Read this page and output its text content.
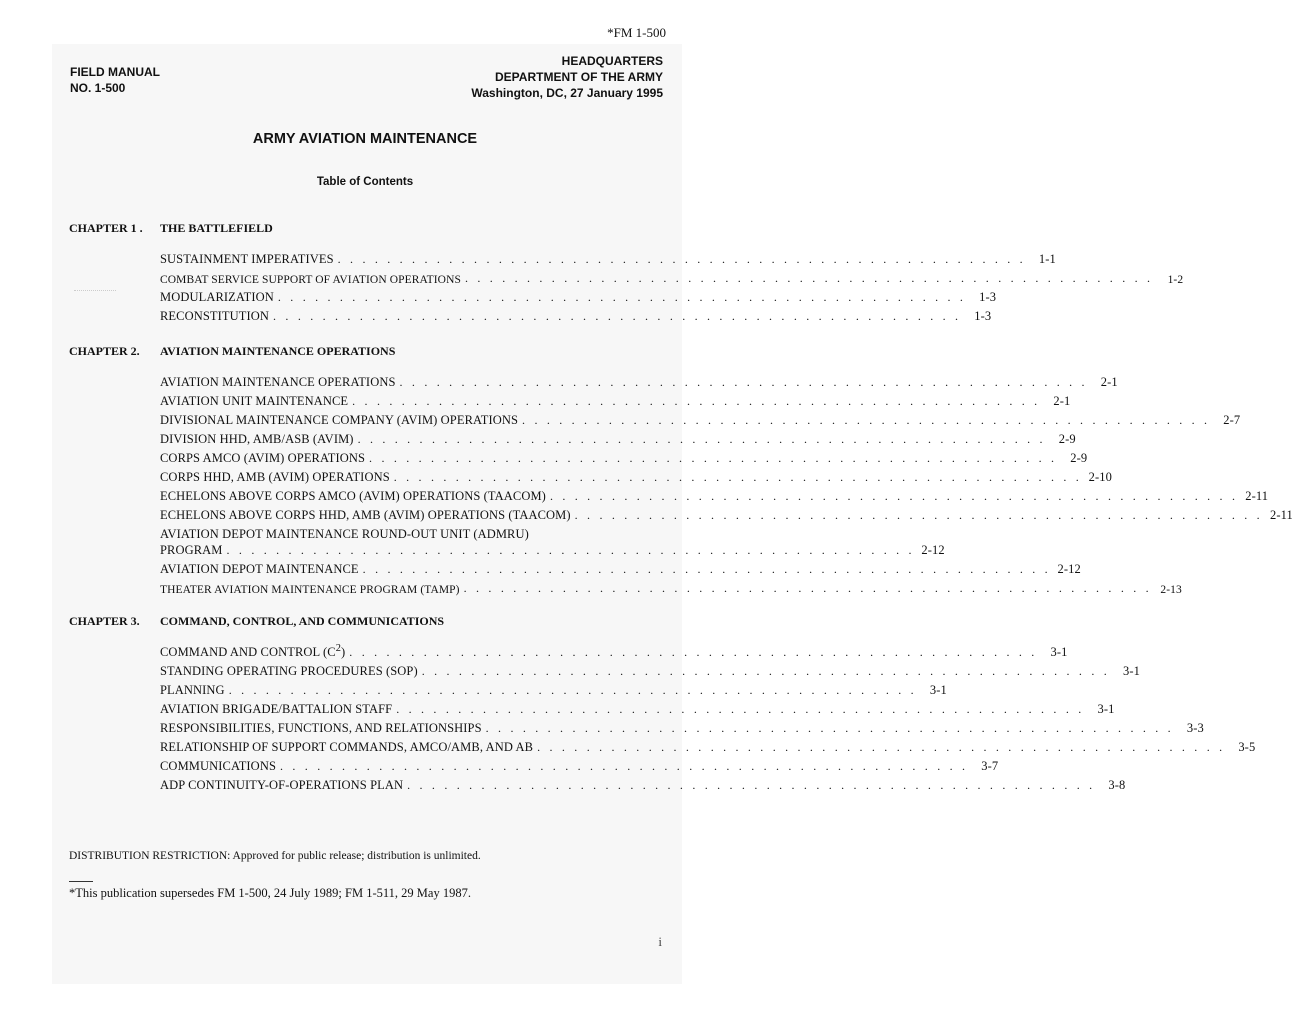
*FM 1-500
FIELD MANUAL
NO. 1-500
HEADQUARTERS
DEPARTMENT OF THE ARMY
Washington, DC, 27 January 1995
ARMY AVIATION MAINTENANCE
Table of Contents
CHAPTER 1 . THE BATTLEFIELD
SUSTAINMENT IMPERATIVES . . . . . . . . . . . . . . . . . . . . . . . . . . . . . . . . . . . . . . . . . . . . . . . . . . . . . . . .	1-1
COMBAT SERVICE SUPPORT OF AVIATION OPERATIONS . . . . . . . . . . . . . . . . . . . . . . . . . . . . . . . . . . . . . . . . . . . . . . . . . . . . . . . .	1-2
MODULARIZATION . . . . . . . . . . . . . . . . . . . . . . . . . . . . . . . . . . . . . . . . . . . . . . . . . . . . . . . .	1-3
RECONSTITUTION . . . . . . . . . . . . . . . . . . . . . . . . . . . . . . . . . . . . . . . . . . . . . . . . . . . . . . . .	1-3
CHAPTER 2. AVIATION MAINTENANCE OPERATIONS
AVIATION MAINTENANCE OPERATIONS . . . . . . . . . . . . . . . . . . . . . . . . . . . . . . . . . . . . . . . . . . . . . . . . . . . . . . . .	2-1
AVIATION UNIT MAINTENANCE . . . . . . . . . . . . . . . . . . . . . . . . . . . . . . . . . . . . . . . . . . . . . . . . . . . . . . . .	2-1
DIVISIONAL MAINTENANCE COMPANY (AVIM) OPERATIONS . . . . . . . . . . . . . . . . . . . . . . . . . . . . . . . . . . . . . . . . . . . . . . . . . . . . . . . .	2-7
DIVISION HHD, AMB/ASB (AVIM) . . . . . . . . . . . . . . . . . . . . . . . . . . . . . . . . . . . . . . . . . . . . . . . . . . . . . . . .	2-9
CORPS AMCO (AVIM) OPERATIONS . . . . . . . . . . . . . . . . . . . . . . . . . . . . . . . . . . . . . . . . . . . . . . . . . . . . . . . .	2-9
CORPS HHD, AMB (AVIM) OPERATIONS . . . . . . . . . . . . . . . . . . . . . . . . . . . . . . . . . . . . . . . . . . . . . . . . . . . . . . . . 2-10
ECHELONS ABOVE CORPS AMCO (AVIM) OPERATIONS (TAACOM) . . . . . . . . . . . . . . . . . . . . . . . . . . . . . . . . . . . . . . . . . . . . . . . . . . . . . . . . 2-11
ECHELONS ABOVE CORPS HHD, AMB (AVIM) OPERATIONS (TAACOM) . . . . . . . . . . . . . . . . . . . . . . . . . . . . . . . . . . . . . . . . . . . . . . . . . . . . . . . . 2-11
AVIATION DEPOT MAINTENANCE ROUND-OUT UNIT (ADMRU)
PROGRAM . . . . . . . . . . . . . . . . . . . . . . . . . . . . . . . . . . . . . . . . . . . . . . . . . . . . . . . . 2-12
AVIATION DEPOT MAINTENANCE . . . . . . . . . . . . . . . . . . . . . . . . . . . . . . . . . . . . . . . . . . . . . . . . . . . . . . . . 2-12
THEATER AVIATION MAINTENANCE PROGRAM (TAMP) . . . . . . . . . . . . . . . . . . . . . . . . . . . . . . . . . . . . . . . . . . . . . . . . . . . . . . . . 2-13
CHAPTER 3. COMMAND, CONTROL, AND COMMUNICATIONS
COMMAND AND CONTROL $(C^2)$ . . . . . . . . . . . . . . . . . . . . . . . . . . . . . . . . . . . . . . . . . . . . . . . . . . . . . . . .	3-1
STANDING OPERATING PROCEDURES (SOP) . . . . . . . . . . . . . . . . . . . . . . . . . . . . . . . . . . . . . . . . . . . . . . . . . . . . . . . .	3-1
PLANNING . . . . . . . . . . . . . . . . . . . . . . . . . . . . . . . . . . . . . . . . . . . . . . . . . . . . . . . .	3-1
AVIATION BRIGADE/BATTALION STAFF . . . . . . . . . . . . . . . . . . . . . . . . . . . . . . . . . . . . . . . . . . . . . . . . . . . . . . . .	3-1
RESPONSIBILITIES, FUNCTIONS, AND RELATIONSHIPS . . . . . . . . . . . . . . . . . . . . . . . . . . . . . . . . . . . . . . . . . . . . . . . . . . . . . . . .	3-3
RELATIONSHIP OF SUPPORT COMMANDS, AMCO/AMB, AND AB . . . . . . . . . . . . . . . . . . . . . . . . . . . . . . . . . . . . . . . . . . . . . . . . . . . . . . . .	3-5
COMMUNICATIONS . . . . . . . . . . . . . . . . . . . . . . . . . . . . . . . . . . . . . . . . . . . . . . . . . . . . . . . .	3-7
ADP CONTINUITY-OF-OPERATIONS PLAN . . . . . . . . . . . . . . . . . . . . . . . . . . . . . . . . . . . . . . . . . . . . . . . . . . . . . . . .	3-8
DISTRIBUTION RESTRICTION: Approved for public release; distribution is unlimited.
*This publication supersedes FM 1-500, 24 July 1989; FM 1-511, 29 May 1987.
i
